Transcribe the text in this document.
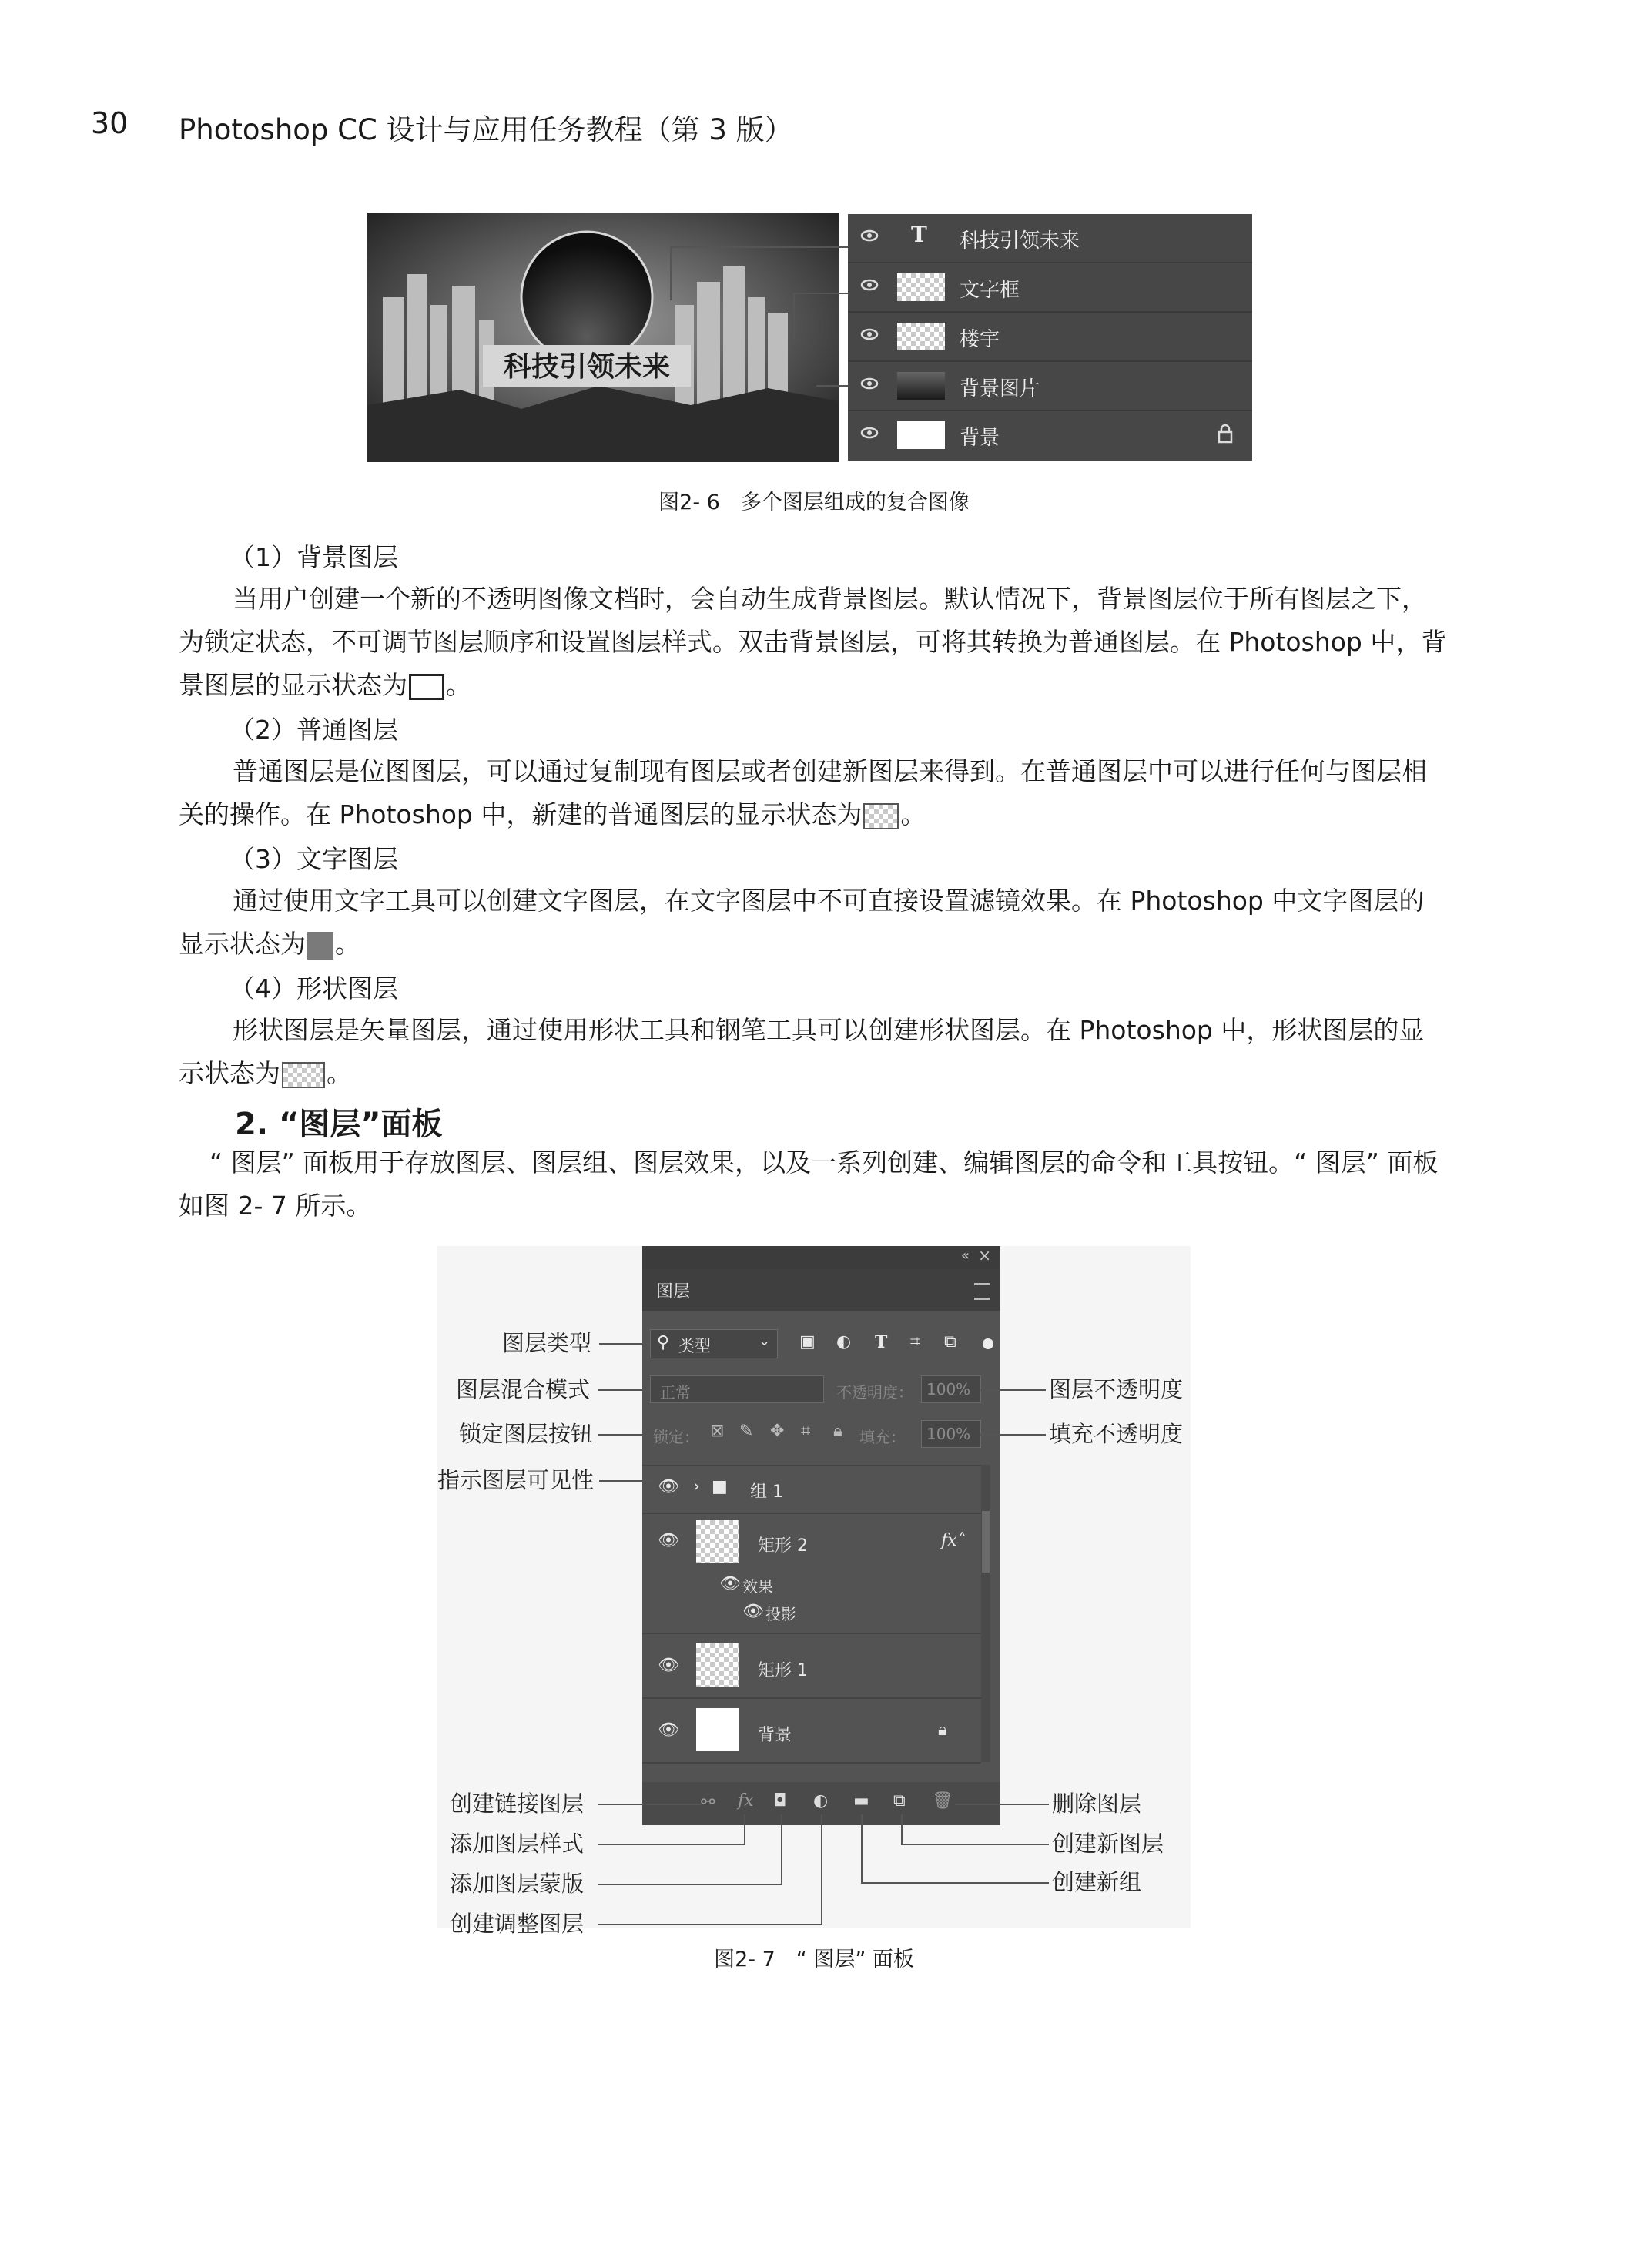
30 Photoshop CC 设计与应用任务教程（第 3 版）
科技引领未来
T 科技引领未来
文字框
楼宇
背景图片
背景
图2- 6　多个图层组成的复合图像
（1）背景图层
当用户创建一个新的不透明图像文档时，会自动生成背景图层。默认情况下，背景图层位于所有图层之下，为锁定状态，不可调节图层顺序和设置图层样式。双击背景图层，可将其转换为普通图层。在 Photoshop 中，背景图层的显示状态为 。
（2）普通图层
普通图层是位图图层，可以通过复制现有图层或者创建新图层来得到。在普通图层中可以进行任何与图层相关的操作。在 Photoshop 中，新建的普通图层的显示状态为 。
（3）文字图层
通过使用文字工具可以创建文字图层，在文字图层中不可直接设置滤镜效果。在 Photoshop 中文字图层的显示状态为	T。
（4）形状图层
形状图层是矢量图层，通过使用形状工具和钢笔工具可以创建形状图层。在 Photoshop 中，形状图层的显示状态为 。
2. “图层”面板
“ 图层” 面板用于存放图层、图层组、图层效果，以及一系列创建、编辑图层的命令和工具按钮。“ 图层” 面板如图 2- 7 所示。
« ×
图层
⚲ 类型	⌄ ▣ ◐ T ⌗ ⧉
正常	不透明度： 100%
锁定： ⊠ ✎ ✥ ⌗ 🔒︎ 填充： 100%
👁︎ › ■ 组 1
👁︎	矩形 2	fx ˄
👁︎ 效果
👁︎ 投影
👁︎	矩形 1
👁︎	背景	🔒︎
⚯ fx ◘ ◐ ▬ ⧉ 🗑︎
图层类型
图层混合模式
锁定图层按钮
指示图层可见性
创建链接图层
添加图层样式
添加图层蒙版
创建调整图层
图层不透明度
填充不透明度
删除图层
创建新图层
创建新组
图2- 7　“ 图层” 面板
